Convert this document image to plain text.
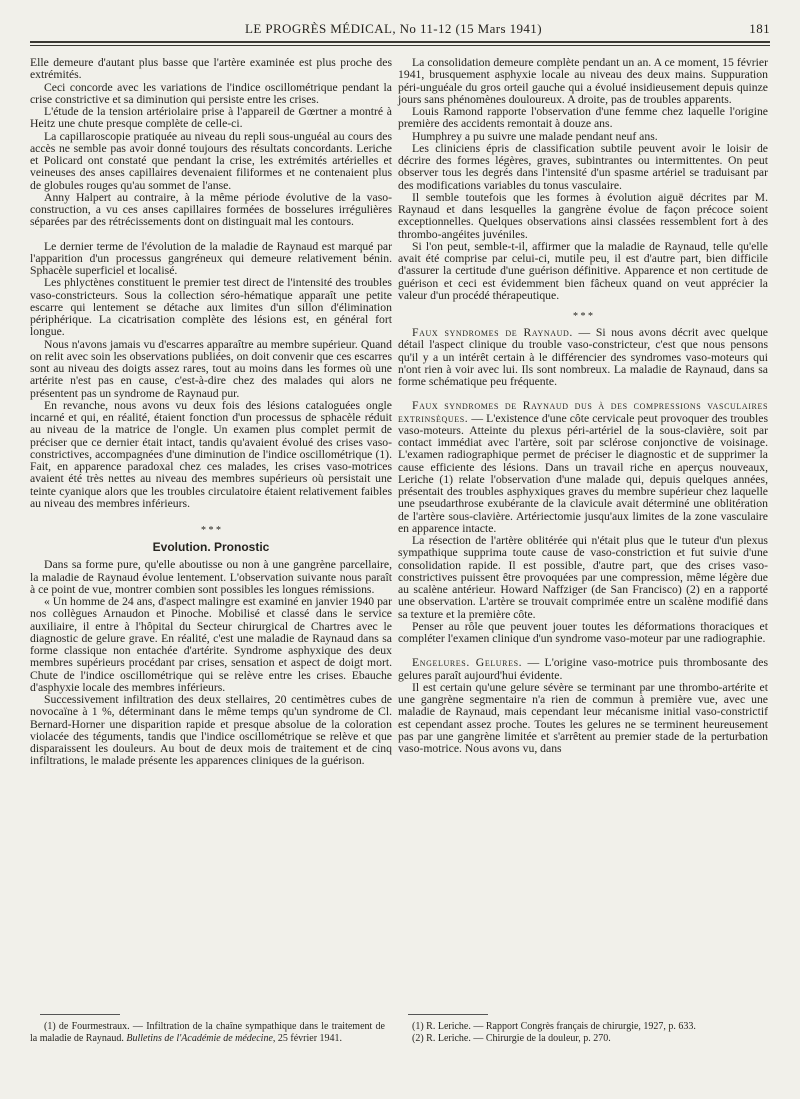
LE PROGRÈS MÉDICAL, No 11-12 (15 Mars 1941)	181

Elle demeure d'autant plus basse que l'artère examinée est plus proche des extrémités.

Ceci concorde avec les variations de l'indice oscillométrique pendant la crise constrictive et sa diminution qui persiste entre les crises.

L'étude de la tension artériolaire prise à l'appareil de Gœrtner a montré à Heitz une chute presque complète de celle-ci.

La capillaroscopie pratiquée au niveau du repli sous-unguéal au cours des accès ne semble pas avoir donné toujours des résultats concordants. Leriche et Policard ont constaté que pendant la crise, les extrémités artérielles et veineuses des anses capillaires devenaient filiformes et ne contenaient plus de globules rouges qu'au sommet de l'anse.

Anny Halpert au contraire, à la même période évolutive de la vaso-construction, a vu ces anses capillaires formées de bosselures irrégulières séparées par des rétrécissements dont on distinguait mal les contours.

Le dernier terme de l'évolution de la maladie de Raynaud est marqué par l'apparition d'un processus gangréneux qui demeure relativement bénin. Sphacèle superficiel et localisé.

Les phlyctènes constituent le premier test direct de l'intensité des troubles vaso-constricteurs. Sous la collection séro-hématique apparaît une petite escarre qui lentement se détache aux limites d'un sillon d'élimination périphérique. La cicatrisation complète des lésions est, en général fort longue.

Nous n'avons jamais vu d'escarres apparaître au membre supérieur. Quand on relit avec soin les observations publiées, on doit convenir que ces escarres sont au niveau des doigts assez rares, tout au moins dans les formes où une artérite n'est pas en cause, c'est-à-dire chez des malades qui alors ne présentent pas un syndrome de Raynaud pur.

En revanche, nous avons vu deux fois des lésions cataloguées ongle incarné et qui, en réalité, étaient fonction d'un processus de sphacèle réduit au niveau de la matrice de l'ongle. Un examen plus complet permit de préciser que ce dernier était intact, tandis qu'avaient évolué des crises vaso-constrictives, accompagnées d'une diminution de l'indice oscillométrique (1). Fait, en apparence paradoxal chez ces malades, les crises vaso-motrices avaient été très nettes au niveau des membres supérieurs où persistait une teinte cyanique alors que les troubles circulatoire étaient relativement faibles au niveau des membres inférieurs.

* * *
Evolution. Pronostic

Dans sa forme pure, qu'elle aboutisse ou non à une gangrène parcellaire, la maladie de Raynaud évolue lentement. L'observation suivante nous paraît à ce point de vue, montrer combien sont possibles les longues rémissions.

« Un homme de 24 ans, d'aspect malingre est examiné en janvier 1940 par nos collègues Arnaudon et Pinoche. Mobilisé et classé dans le service auxiliaire, il entre à l'hôpital du Secteur chirurgical de Chartres avec le diagnostic de gelure grave. En réalité, c'est une maladie de Raynaud dans sa forme classique non entachée d'artérite. Syndrome asphyxique des deux membres supérieurs procédant par crises, sensation et aspect de doigt mort. Chute de l'indice oscillométrique qui se relève entre les crises. Ebauche d'asphyxie locale des membres inférieurs.

Successivement infiltration des deux stellaires, 20 centimètres cubes de novocaïne à 1 %, déterminant dans le même temps qu'un syndrome de Cl. Bernard-Horner une disparition rapide et presque absolue de la coloration violacée des téguments, tandis que l'indice oscillométrique se relève et que disparaissent les douleurs. Au bout de deux mois de traitement et de cinq infiltrations, le malade présente les apparences cliniques de la guérison.

La consolidation demeure complète pendant un an. A ce moment, 15 février 1941, brusquement asphyxie locale au niveau des deux mains. Suppuration péri-unguéale du gros orteil gauche qui a évolué insidieusement depuis quinze jours sans phénomènes douloureux. A droite, pas de troubles apparents.

Louis Ramond rapporte l'observation d'une femme chez laquelle l'origine première des accidents remontait à douze ans.

Humphrey a pu suivre une malade pendant neuf ans.

Les cliniciens épris de classification subtile peuvent avoir le loisir de décrire des formes légères, graves, subintrantes ou intermittentes. On peut observer tous les degrés dans l'intensité d'un spasme artériel se traduisant par des modifications variables du tonus vasculaire.

Il semble toutefois que les formes à évolution aiguë décrites par M. Raynaud et dans lesquelles la gangrène évolue de façon précoce soient exceptionnelles. Quelques observations ainsi classées ressemblent fort à des thrombo-angéites juvéniles.

Si l'on peut, semble-t-il, affirmer que la maladie de Raynaud, telle qu'elle avait été comprise par celui-ci, mutile peu, il est d'autre part, bien difficile d'assurer la certitude d'une guérison définitive. Apparence et non certitude de guérison et ceci est évidemment bien fâcheux quand on veut apprécier la valeur d'un procédé thérapeutique.

* * *

Faux syndromes de Raynaud. — Si nous avons décrit avec quelque détail l'aspect clinique du trouble vaso-constricteur, c'est que nous pensons qu'il y a un intérêt certain à le différencier des syndromes vaso-moteurs qui n'ont rien à voir avec lui. Ils sont nombreux. La maladie de Raynaud, dans sa forme schématique peu fréquente.

Faux syndromes de Raynaud dus à des compressions vasculaires extrinsèques. — L'existence d'une côte cervicale peut provoquer des troubles vaso-moteurs. Atteinte du plexus péri-artériel de la sous-clavière, soit par contact immédiat avec l'artère, soit par sclérose conjonctive de voisinage. L'examen radiographique permet de préciser le diagnostic et de supprimer la cause efficiente des lésions. Dans un travail riche en aperçus nouveaux, Leriche (1) relate l'observation d'une malade qui, depuis quelques années, présentait des troubles asphyxiques graves du membre supérieur chez laquelle une pseudarthrose exubérante de la clavicule avait déterminé une oblitération de l'artère sous-clavière. Artériectomie jusqu'aux limites de la zone vasculaire en apparence intacte.

La résection de l'artère oblitérée qui n'était plus que le tuteur d'un plexus sympathique supprima toute cause de vaso-constriction et fut suivie d'une consolidation rapide. Il est possible, d'autre part, que des crises vaso-constrictives puissent être provoquées par une compression, même légère due au scalène antérieur. Howard Naffziger (de San Francisco) (2) en a rapporté une observation. L'artère se trouvait comprimée entre un scalène modifié dans sa texture et la première côte.

Penser au rôle que peuvent jouer toutes les déformations thoraciques et compléter l'examen clinique d'un syndrome vaso-moteur par une radiographie.

Engelures. Gelures. — L'origine vaso-motrice puis thrombosante des gelures paraît aujourd'hui évidente.

Il est certain qu'une gelure sévère se terminant par une thrombo-artérite et une gangrène segmentaire n'a rien de commun à première vue, avec une maladie de Raynaud, mais cependant leur mécanisme initial vaso-constrictif est cependant assez proche. Toutes les gelures ne se terminent heureusement pas par une gangrène limitée et s'arrêtent au premier stade de la perturbation vaso-motrice. Nous avons vu, dans

(1) de Fourmestraux. — Infiltration de la chaîne sympathique dans le traitement de la maladie de Raynaud. Bulletins de l'Académie de médecine, 25 février 1941.

(1) R. Leriche. — Rapport Congrès français de chirurgie, 1927, p. 633.

(2) R. Leriche. — Chirurgie de la douleur, p. 270.
